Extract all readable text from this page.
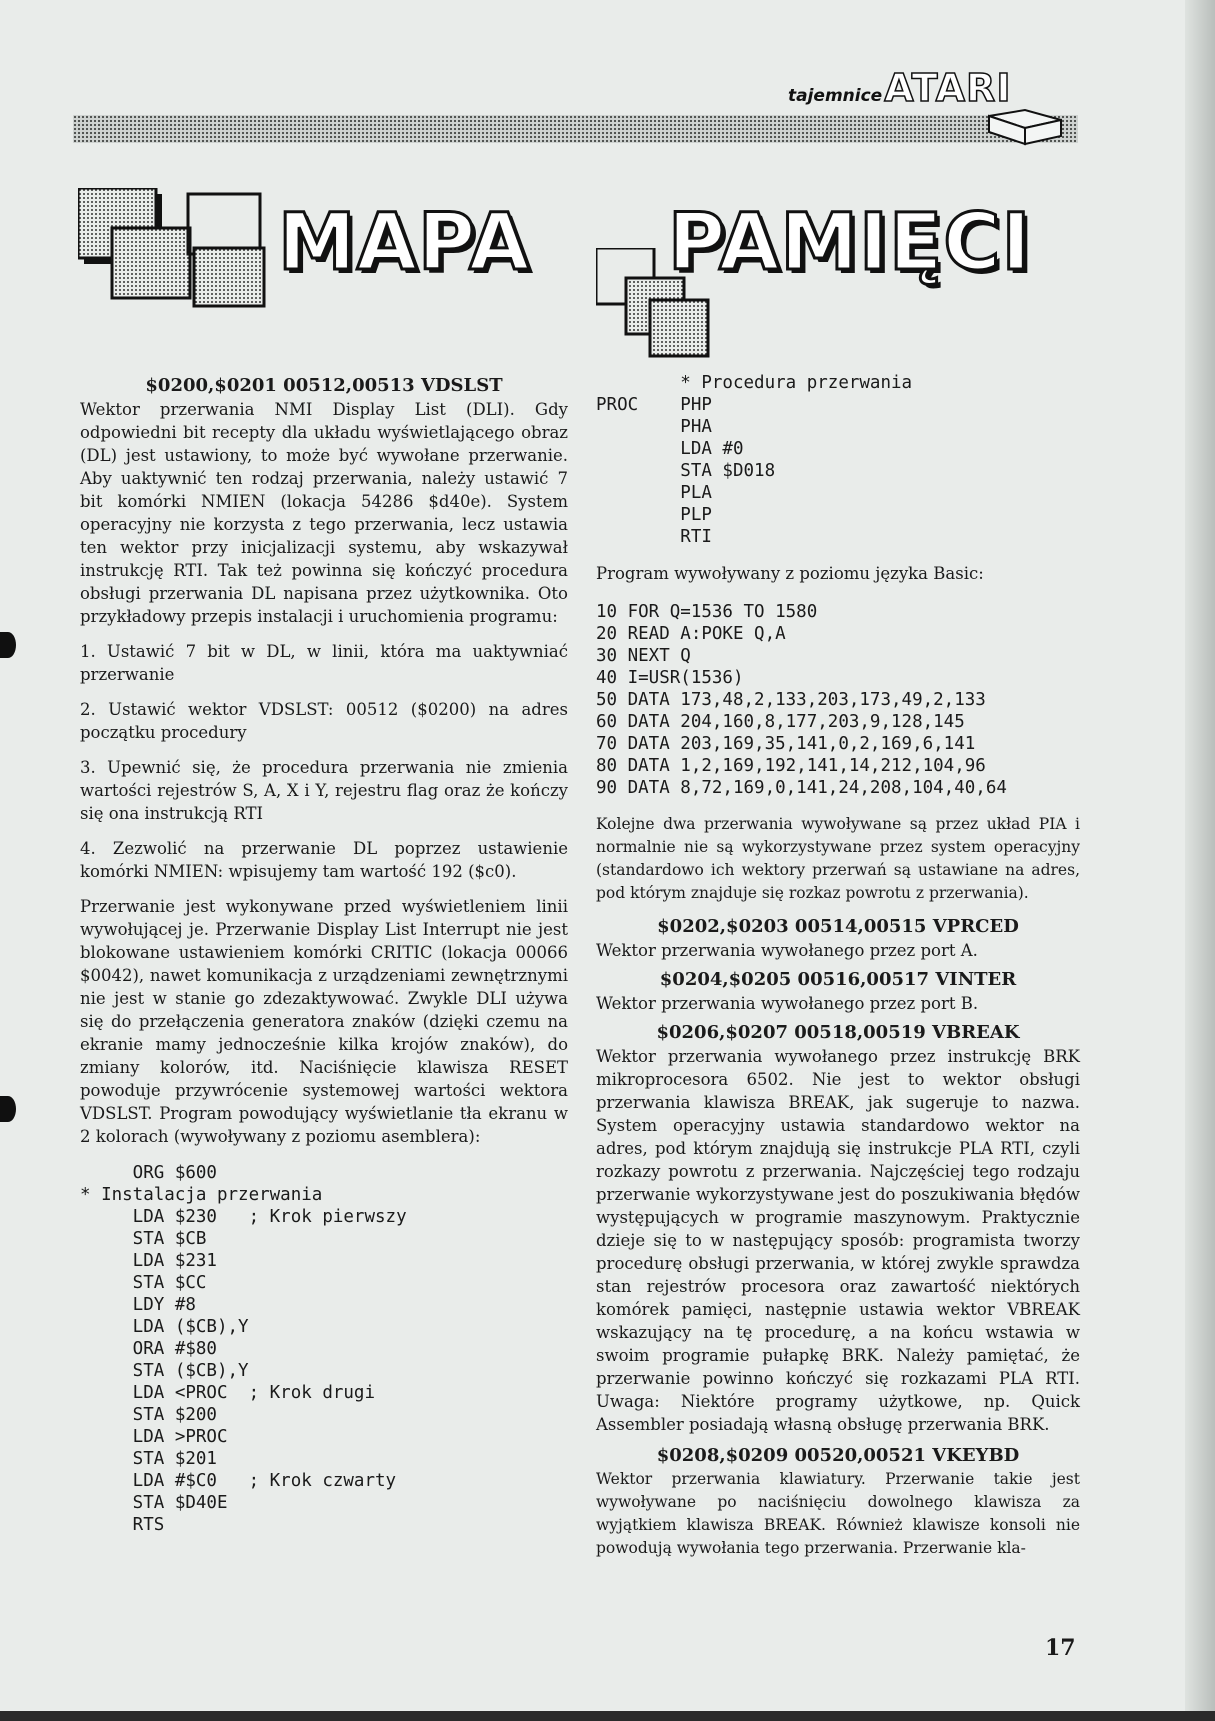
tajemnice ATARI
MAPA PAMIĘCI
$0200,$0201 00512,00513 VDSLST

Wektor przerwania NMI Display List (DLI). Gdy odpowiedni bit recepty dla układu wyświetlającego obraz (DL) jest ustawiony, to może być wywołane przerwanie. Aby uaktywnić ten rodzaj przerwania, należy ustawić 7 bit komórki NMIEN (lokacja 54286 $d40e). System operacyjny nie korzysta z tego przerwania, lecz ustawia ten wektor przy inicjalizacji systemu, aby wskazywał instrukcję RTI. Tak też powinna się kończyć procedura obsługi przerwania DL napisana przez użytkownika. Oto przykładowy przepis instalacji i uruchomienia programu:

1. Ustawić 7 bit w DL, w linii, która ma uaktywniać przerwanie

2. Ustawić wektor VDSLST: 00512 ($0200) na adres początku procedury

3. Upewnić się, że procedura przerwania nie zmienia wartości rejestrów S, A, X i Y, rejestru flag oraz że kończy się ona instrukcją RTI

4. Zezwolić na przerwanie DL poprzez ustawienie komórki NMIEN: wpisujemy tam wartość 192 ($c0).

Przerwanie jest wykonywane przed wyświetleniem linii wywołującej je. Przerwanie Display List Interrupt nie jest blokowane ustawieniem komórki CRITIC (lokacja 00066 $0042), nawet komunikacja z urządzeniami zewnętrznymi nie jest w stanie go zdezaktywować. Zwykle DLI używa się do przełączenia generatora znaków (dzięki czemu na ekranie mamy jednocześnie kilka krojów znaków), do zmiany kolorów, itd. Naciśnięcie klawisza RESET powoduje przywrócenie systemowej wartości wektora VDSLST. Program powodujący wyświetlanie tła ekranu w 2 kolorach (wywoływany z poziomu asemblera):

ORG $600
* Instalacja przerwania
LDA $230   ; Krok pierwszy
STA $CB
LDA $231
STA $CC
LDY #8
LDA ($CB),Y
ORA #$80
STA ($CB),Y
LDA <PROC  ; Krok drugi
STA $200
LDA >PROC
STA $201
LDA #$C0   ; Krok czwarty
STA $D40E
RTS
* Procedura przerwania
PROC    PHP
PHA
LDA #0
STA $D018
PLA
PLP
RTI

Program wywoływany z poziomu języka Basic:

10 FOR Q=1536 TO 1580
20 READ A:POKE Q,A
30 NEXT Q
40 I=USR(1536)
50 DATA 173,48,2,133,203,173,49,2,133
60 DATA 204,160,8,177,203,9,128,145
70 DATA 203,169,35,141,0,2,169,6,141
80 DATA 1,2,169,192,141,14,212,104,96
90 DATA 8,72,169,0,141,24,208,104,40,64

Kolejne dwa przerwania wywoływane są przez układ PIA i normalnie nie są wykorzystywane przez system operacyjny (standardowo ich wektory przerwań są ustawiane na adres, pod którym znajduje się rozkaz powrotu z przerwania).

$0202,$0203 00514,00515 VPRCED

Wektor przerwania wywołanego przez port A.

$0204,$0205 00516,00517 VINTER

Wektor przerwania wywołanego przez port B.

$0206,$0207 00518,00519 VBREAK

Wektor przerwania wywołanego przez instrukcję BRK mikroprocesora 6502. Nie jest to wektor obsługi przerwania klawisza BREAK, jak sugeruje to nazwa. System operacyjny ustawia standardowo wektor na adres, pod którym znajdują się instrukcje PLA RTI, czyli rozkazy powrotu z przerwania. Najczęściej tego rodzaju przerwanie wykorzystywane jest do poszukiwania błędów występujących w programie maszynowym. Praktycznie dzieje się to w następujący sposób: programista tworzy procedurę obsługi przerwania, w której zwykle sprawdza stan rejestrów procesora oraz zawartość niektórych komórek pamięci, następnie ustawia wektor VBREAK wskazujący na tę procedurę, a na końcu wstawia w swoim programie pułapkę BRK. Należy pamiętać, że przerwanie powinno kończyć się rozkazami PLA RTI. Uwaga: Niektóre programy użytkowe, np. Quick Assembler posiadają własną obsługę przerwania BRK.

$0208,$0209 00520,00521 VKEYBD

Wektor przerwania klawiatury. Przerwanie takie jest wywoływane po naciśnięciu dowolnego klawisza za wyjątkiem klawisza BREAK. Również klawisze konsoli nie powodują wywołania tego przerwania. Przerwanie kla-

17
